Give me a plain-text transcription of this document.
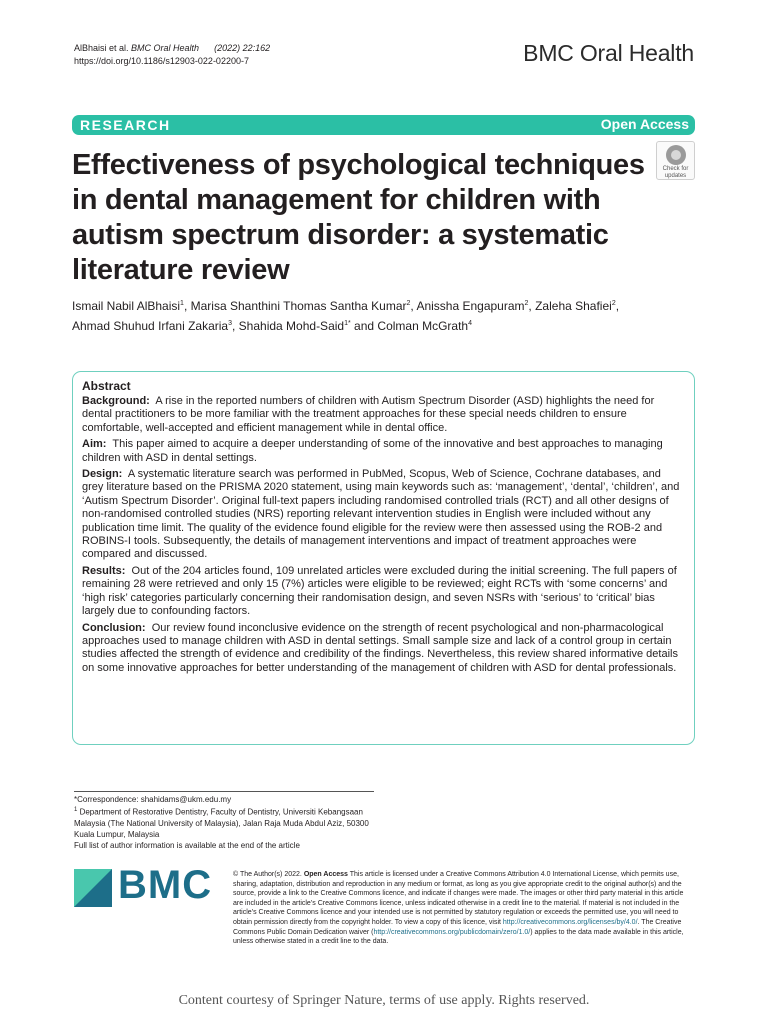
AlBhaisi et al. BMC Oral Health (2022) 22:162
https://doi.org/10.1186/s12903-022-02200-7	BMC Oral Health
RESEARCH	Open Access
Effectiveness of psychological techniques in dental management for children with autism spectrum disorder: a systematic literature review
Check for
updates
Ismail Nabil AlBhaisi$^1$, Marisa Shanthini Thomas Santha Kumar$^2$, Anissha Engapuram$^2$, Zaleha Shafiei$^2$,
Ahmad Shuhud Irfani Zakaria$^3$, Shahida Mohd-Said$^{1*}$ and Colman McGrath$^4$
Abstract

Background: A rise in the reported numbers of children with Autism Spectrum Disorder (ASD) highlights the need for dental practitioners to be more familiar with the treatment approaches for these special needs children to ensure comfortable, well-accepted and efficient management while in dental office.

Aim: This paper aimed to acquire a deeper understanding of some of the innovative and best approaches to managing children with ASD in dental settings.

Design: A systematic literature search was performed in PubMed, Scopus, Web of Science, Cochrane databases, and grey literature based on the PRISMA 2020 statement, using main keywords such as: ‘management’, ‘dental’, ‘children’, and ‘Autism Spectrum Disorder’. Original full-text papers including randomised controlled trials (RCT) and all other designs of non-randomised controlled studies (NRS) reporting relevant intervention studies in English were included without any publication time limit. The quality of the evidence found eligible for the review were then assessed using the ROB-2 and ROBINS-I tools. Subsequently, the details of management interventions and impact of treatment approaches were compared and discussed.

Results: Out of the 204 articles found, 109 unrelated articles were excluded during the initial screening. The full papers of remaining 28 were retrieved and only 15 (7%) articles were eligible to be reviewed; eight RCTs with ‘some concerns’ and ‘high risk’ categories particularly concerning their randomisation design, and seven NSRs with ‘serious’ to ‘critical’ bias largely due to confounding factors.

Conclusion: Our review found inconclusive evidence on the strength of recent psychological and non-pharmacological approaches used to manage children with ASD in dental settings. Small sample size and lack of a control group in certain studies affected the strength of evidence and credibility of the findings. Nevertheless, this review shared informative details on some innovative approaches for better understanding of the management of children with ASD for dental professionals.

*Correspondence: shahidams@ukm.edu.my
$^1$ Department of Restorative Dentistry, Faculty of Dentistry, Universiti Kebangsaan Malaysia (The National University of Malaysia), Jalan Raja Muda Abdul Aziz, 50300 Kuala Lumpur, Malaysia
Full list of author information is available at the end of the article
BMC	© The Author(s) 2022. Open Access This article is licensed under a Creative Commons Attribution 4.0 International License, which permits use, sharing, adaptation, distribution and reproduction in any medium or format, as long as you give appropriate credit to the original author(s) and the source, provide a link to the Creative Commons licence, and indicate if changes were made. The images or other third party material in this article are included in the article’s Creative Commons licence, unless indicated otherwise in a credit line to the material. If material is not included in the article’s Creative Commons licence and your intended use is not permitted by statutory regulation or exceeds the permitted use, you will need to obtain permission directly from the copyright holder. To view a copy of this licence, visit http://creativecommons.org/licenses/by/4.0/. The Creative Commons Public Domain Dedication waiver (http://creativecommons.org/publicdomain/zero/1.0/) applies to the data made available in this article, unless otherwise stated in a credit line to the data.
Content courtesy of Springer Nature, terms of use apply. Rights reserved.
